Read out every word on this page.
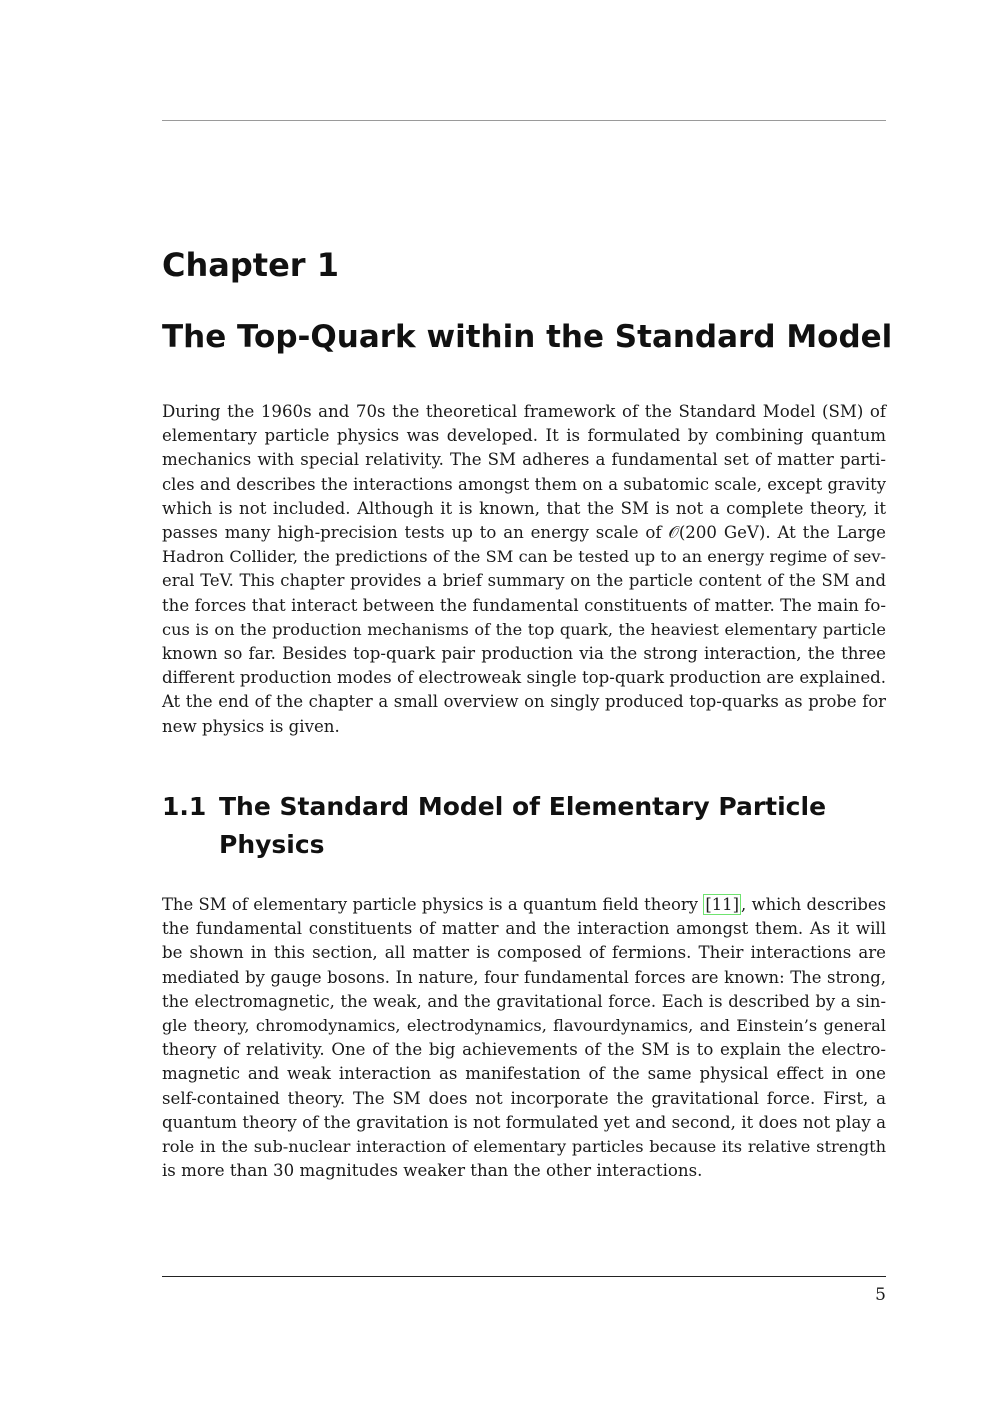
Chapter 1
The Top-Quark within the Standard Model

During the 1960s and 70s the theoretical framework of the Standard Model (SM) of
elementary particle physics was developed. It is formulated by combining quantum
mechanics with special relativity. The SM adheres a fundamental set of matter parti-
cles and describes the interactions amongst them on a subatomic scale, except gravity
which is not included. Although it is known, that the SM is not a complete theory, it
passes many high-precision tests up to an energy scale of 𝒪(200 GeV). At the Large
Hadron Collider, the predictions of the SM can be tested up to an energy regime of sev-
eral TeV. This chapter provides a brief summary on the particle content of the SM and
the forces that interact between the fundamental constituents of matter. The main fo-
cus is on the production mechanisms of the top quark, the heaviest elementary particle
known so far. Besides top-quark pair production via the strong interaction, the three
different production modes of electroweak single top-quark production are explained.
At the end of the chapter a small overview on singly produced top-quarks as probe for
new physics is given.

1.1 The Standard Model of Elementary Particle Physics

The SM of elementary particle physics is a quantum field theory [11] , which describes
the fundamental constituents of matter and the interaction amongst them. As it will
be shown in this section, all matter is composed of fermions. Their interactions are
mediated by gauge bosons. In nature, four fundamental forces are known: The strong,
the electromagnetic, the weak, and the gravitational force. Each is described by a sin-
gle theory, chromodynamics, electrodynamics, flavourdynamics, and Einstein’s general
theory of relativity. One of the big achievements of the SM is to explain the electro-
magnetic and weak interaction as manifestation of the same physical effect in one
self-contained theory. The SM does not incorporate the gravitational force. First, a
quantum theory of the gravitation is not formulated yet and second, it does not play a
role in the sub-nuclear interaction of elementary particles because its relative strength
is more than 30 magnitudes weaker than the other interactions.

5
